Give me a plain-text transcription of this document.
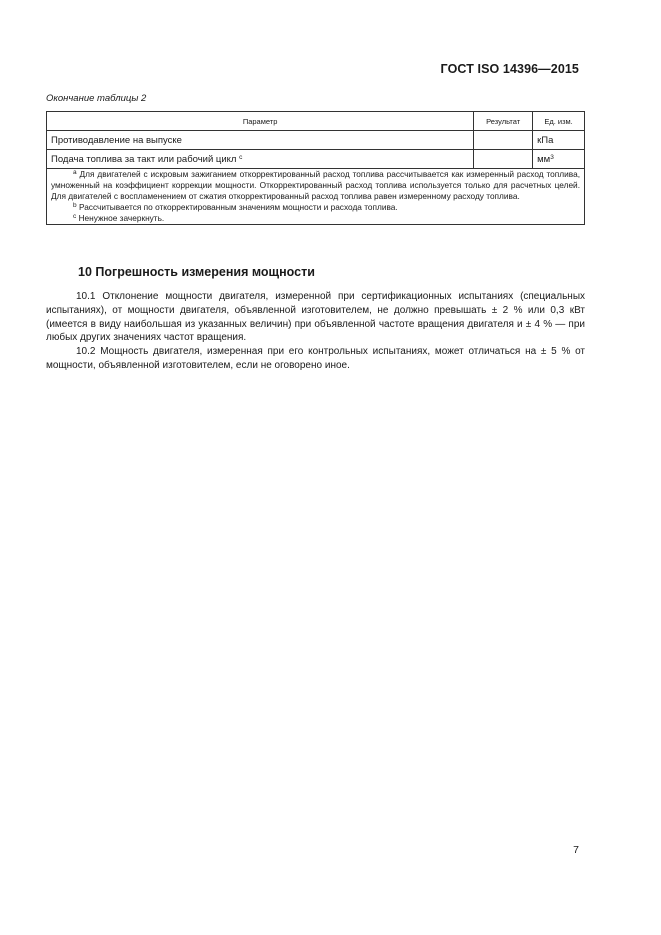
ГОСТ ISO 14396—2015
Окончание таблицы 2
Параметр	Результат	Ед. изм.
Противодавление на выпуске		кПа
Подача топлива за такт или рабочий цикл $^c$		$мм^3$

$^a$ Для двигателей с искровым зажиганием откорректированный расход топлива рассчитывается как измеренный расход топлива, умноженный на коэффициент коррекции мощности. Откорректированный расход топлива используется только для расчетных целей. Для двигателей с воспламенением от сжатия откорректированный расход топлива равен измеренному расходу топлива.

$^b$ Рассчитывается по откорректированным значениям мощности и расхода топлива.

$^c$ Ненужное зачеркнуть.		

10 Погрешность измерения мощности

10.1 Отклонение мощности двигателя, измеренной при сертификационных испытаниях (специальных испытаниях), от мощности двигателя, объявленной изготовителем, не должно превышать ± 2 % или 0,3 кВт (имеется в виду наибольшая из указанных величин) при объявленной частоте вращения двигателя и ± 4 % — при любых других значениях частот вращения.

10.2 Мощность двигателя, измеренная при его контрольных испытаниях, может отличаться на ± 5 % от мощности, объявленной изготовителем, если не оговорено иное.

7
